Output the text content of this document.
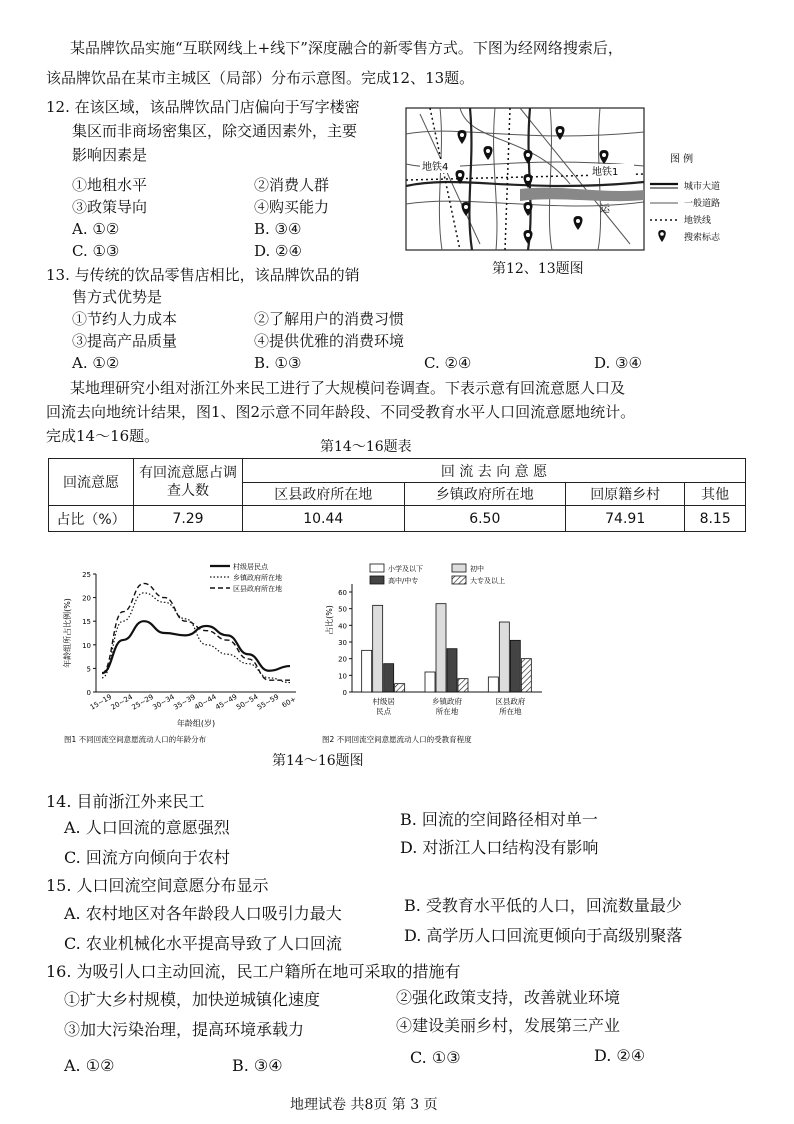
某品牌饮品实施“互联网线上+线下”深度融合的新零售方式。下图为经网络搜索后，
该品牌饮品在某市主城区（局部）分布示意图。完成12、13题。
12. 在该区域，该品牌饮品门店偏向于写字楼密
集区而非商场密集区，除交通因素外，主要
影响因素是
①地租水平	②消费人群
③政策导向	④购买能力
A. ①②	B. ③④
C. ①③	D. ②④
地铁4	地铁1
运
图 例
城市大道
一般道路
地铁线
搜索标志
第12、13题图
13. 与传统的饮品零售店相比，该品牌饮品的销
售方式优势是
①节约人力成本	②了解用户的消费习惯
③提高产品质量	④提供优雅的消费环境
A. ①②	B. ①③	C. ②④	D. ③④
某地理研究小组对浙江外来民工进行了大规模问卷调查。下表示意有回流意愿人口及
回流去向地统计结果，图1、图2示意不同年龄段、不同受教育水平人口回流意愿地统计。
完成14～16题。
第14～16题表
回流意愿	有回流意愿占调查人数	回 流 去 向 意 愿			
		区县政府所在地	乡镇政府所在地	回原籍乡村	其他
占比（%）	7.29	10.44	6.50	74.91	8.15
0
5
10
15
20
25
15~19
20~24
25~29
30~34
35~39
40~44
45~49
50~54
55~59 60+
年龄组(岁)
年龄组所占比例(%)
村级居民点
乡镇政府所在地
区县政府所在地
图1 不同回流空间意愿流动人口的年龄分布
0
10
20
30
40
50
60
占比(%)
村级居
民点
乡镇政府
所在地
区县政府
所在地
小学及以下	初中
高中/中专	大专及以上
图2 不同回流空间意愿流动人口的受教育程度
第14～16题图
14. 目前浙江外来民工
A. 人口回流的意愿强烈	B. 回流的空间路径相对单一
C. 回流方向倾向于农村
D. 对浙江人口结构没有影响
15. 人口回流空间意愿分布显示
A. 农村地区对各年龄段人口吸引力最大	B. 受教育水平低的人口，回流数量最少
C. 农业机械化水平提高导致了人口回流	D. 高学历人口回流更倾向于高级别聚落
16. 为吸引人口主动回流，民工户籍所在地可采取的措施有
①扩大乡村规模，加快逆城镇化速度	②强化政策支持，改善就业环境
③加大污染治理，提高环境承载力	④建设美丽乡村，发展第三产业
A. ①②	B. ③④	C. ①③	D. ②④
地理试卷 共8页 第 3 页
